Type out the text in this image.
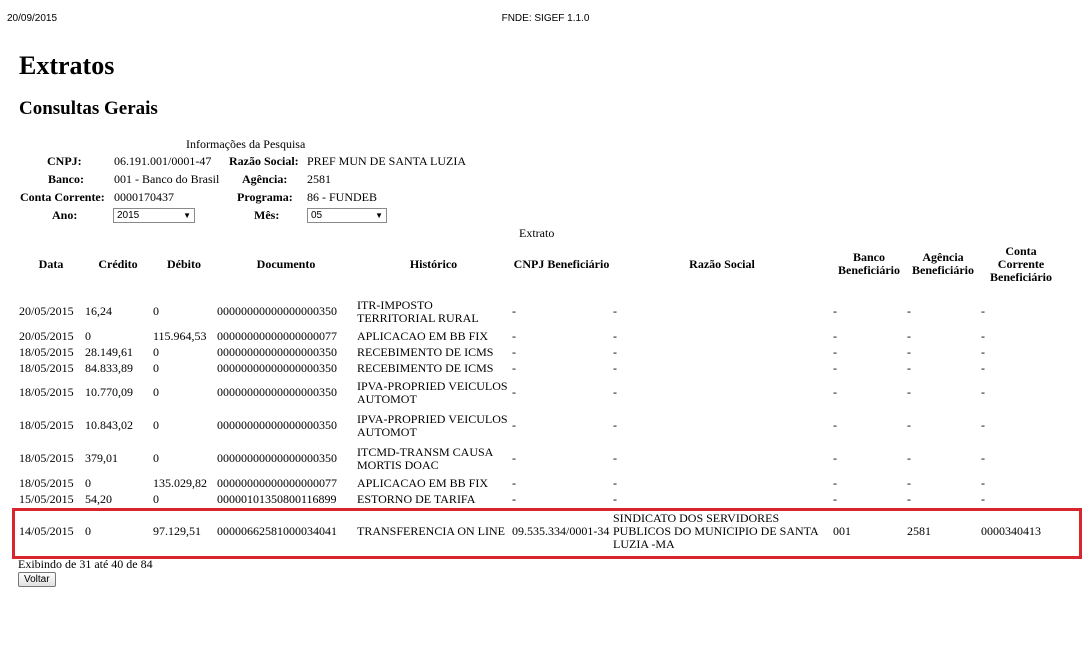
20/09/2015	FNDE: SIGEF 1.1.0
Extratos
Consultas Gerais
Informações da Pesquisa
CNPJ:	06.191.001/0001-47 Razão Social: PREF MUN DE SANTA LUZIA
Banco:	001 - Banco do Brasil Agência: 2581
Conta Corrente: 0000170437	Programa: 86 - FUNDEB
Ano:	2015	▼	Mês:	05	▼
Extrato
Data	Crédito	Débito	Documento	Histórico	CNPJ Beneficiário	Razão Social	Banco Beneficiário	Agência Beneficiário	Conta Corrente Beneficiário

20/05/2015	16,24	0	00000000000000000350	ITR-IMPOSTO TERRITORIAL RURAL	-	-	-	-	-
20/05/2015	0	115.964,53	00000000000000000077	APLICACAO EM BB FIX	-	-	-	-	-
18/05/2015	28.149,61	0	00000000000000000350	RECEBIMENTO DE ICMS	-	-	-	-	-
18/05/2015	84.833,89	0	00000000000000000350	RECEBIMENTO DE ICMS	-	-	-	-	-
18/05/2015	10.770,09	0	00000000000000000350	IPVA-PROPRIED VEICULOS AUTOMOT	-	-	-	-	-
18/05/2015	10.843,02	0	00000000000000000350	IPVA-PROPRIED VEICULOS AUTOMOT	-	-	-	-	-
18/05/2015	379,01	0	00000000000000000350	ITCMD-TRANSM CAUSA MORTIS DOAC	-	-	-	-	-
18/05/2015	0	135.029,82	00000000000000000077	APLICACAO EM BB FIX	-	-	-	-	-
15/05/2015	54,20	0	00000101350800116899	ESTORNO DE TARIFA	-	-	-	-	-
14/05/2015	0	97.129,51	00000662581000034041	TRANSFERENCIA ON LINE	09.535.334/0001-34	SINDICATO DOS SERVIDORES PUBLICOS DO MUNICIPIO DE SANTA LUZIA -MA	001	2581	0000340413
Exibindo de 31 até 40 de 84
Voltar
